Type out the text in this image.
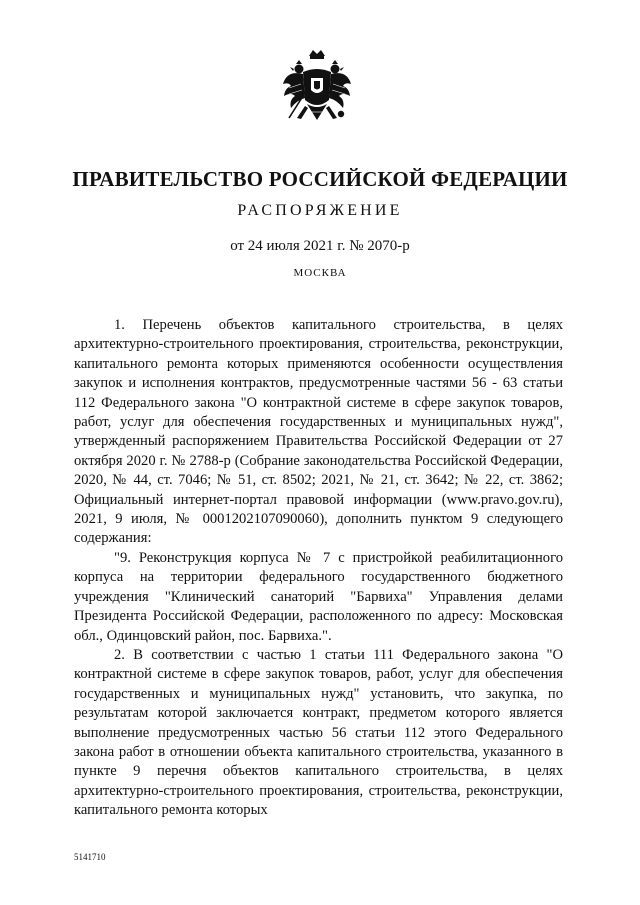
ПРАВИТЕЛЬСТВО РОССИЙСКОЙ ФЕДЕРАЦИИ
РАСПОРЯЖЕНИЕ
от 24 июля 2021 г. № 2070-р
МОСКВА

1. Перечень объектов капитального строительства, в целях архитектурно-строительного проектирования, строительства, реконструкции, капитального ремонта которых применяются особенности осуществления закупок и исполнения контрактов, предусмотренные частями 56 - 63 статьи 112 Федерального закона "О контрактной системе в сфере закупок товаров, работ, услуг для обеспечения государственных и муниципальных нужд", утвержденный распоряжением Правительства Российской Федерации от 27 октября 2020 г. № 2788-р (Собрание законодательства Российской Федерации, 2020, № 44, ст. 7046; № 51, ст. 8502; 2021, № 21, ст. 3642; № 22, ст. 3862; Официальный интернет-портал правовой информации (www.pravo.gov.ru), 2021, 9 июля, № 0001202107090060), дополнить пунктом 9 следующего содержания:

"9. Реконструкция корпуса № 7 с пристройкой реабилитационного корпуса на территории федерального государственного бюджетного учреждения "Клинический санаторий "Барвиха" Управления делами Президента Российской Федерации, расположенного по адресу: Московская обл., Одинцовский район, пос. Барвиха.".

2. В соответствии с частью 1 статьи 111 Федерального закона "О контрактной системе в сфере закупок товаров, работ, услуг для обеспечения государственных и муниципальных нужд" установить, что закупка, по результатам которой заключается контракт, предметом которого является выполнение предусмотренных частью 56 статьи 112 этого Федерального закона работ в отношении объекта капитального строительства, указанного в пункте 9 перечня объектов капитального строительства, в целях архитектурно-строительного проектирования, строительства, реконструкции, капитального ремонта которых

5141710
